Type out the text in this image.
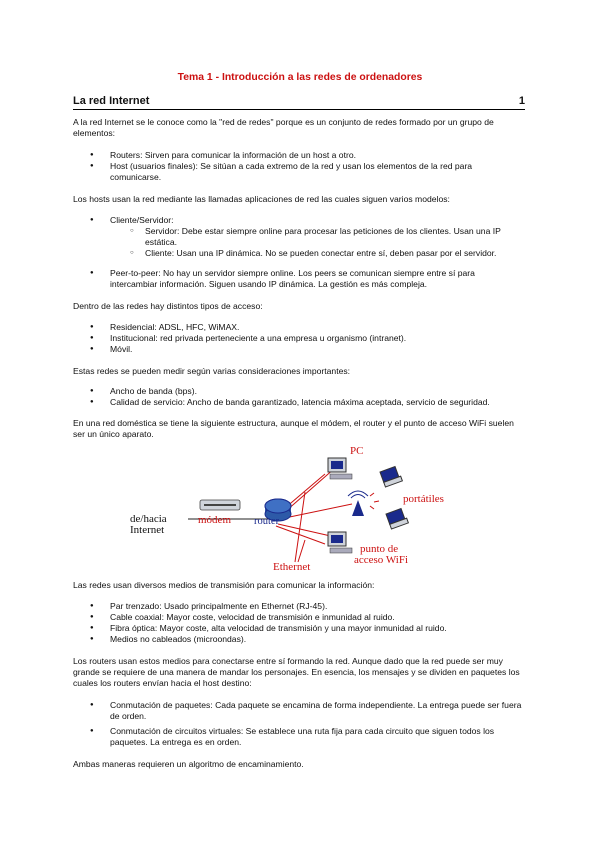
Tema 1 - Introducción a las redes de ordenadores
La red Internet	1

A la red Internet se le conoce como la "red de redes" porque es un conjunto de redes formado por un grupo de elementos:

● Routers: Sirven para comunicar la información de un host a otro.
● Host (usuarios finales): Se sitúan a cada extremo de la red y usan los elementos de la red para comunicarse.

Los hosts usan la red mediante las llamadas aplicaciones de red las cuales siguen varios modelos:

● Cliente/Servidor:
○ Servidor: Debe estar siempre online para procesar las peticiones de los clientes. Usan una IP estática.
○ Cliente: Usan una IP dinámica. No se pueden conectar entre sí, deben pasar por el servidor.
● Peer-to-peer: No hay un servidor siempre online. Los peers se comunican siempre entre sí para intercambiar información. Siguen usando IP dinámica. La gestión es más compleja.

Dentro de las redes hay distintos tipos de acceso:

● Residencial: ADSL, HFC, WiMAX.
● Institucional: red privada perteneciente a una empresa u organismo (intranet).
● Móvil.

Estas redes se pueden medir según varias consideraciones importantes:

● Ancho de banda (bps).
● Calidad de servicio: Ancho de banda garantizado, latencia máxima aceptada, servicio de seguridad.

En una red doméstica se tiene la siguiente estructura, aunque el módem, el router y el punto de acceso WiFi suelen ser un único aparato.

de/hacia
Internet
módem router
PC
portátiles
punto de
acceso WiFi
Ethernet

Las redes usan diversos medios de transmisión para comunicar la información:

● Par trenzado: Usado principalmente en Ethernet (RJ-45).
● Cable coaxial: Mayor coste, velocidad de transmisión e inmunidad al ruido.
● Fibra óptica: Mayor coste, alta velocidad de transmisión y una mayor inmunidad al ruido.
● Medios no cableados (microondas).

Los routers usan estos medios para conectarse entre sí formando la red. Aunque dado que la red puede ser muy grande se requiere de una manera de mandar los personajes. En esencia, los mensajes y se dividen en paquetes los cuales los routers envían hacia el host destino:

● Conmutación de paquetes: Cada paquete se encamina de forma independiente. La entrega puede ser fuera de orden.
● Conmutación de circuitos virtuales: Se establece una ruta fija para cada circuito que siguen todos los paquetes. La entrega es en orden.

Ambas maneras requieren un algoritmo de encaminamiento.
